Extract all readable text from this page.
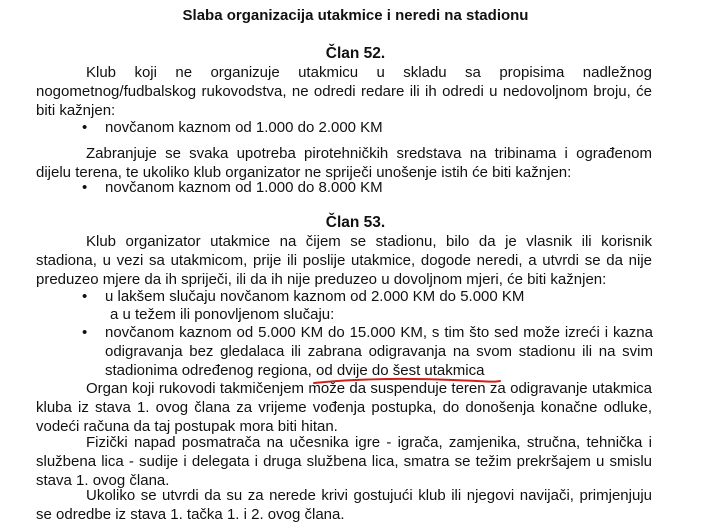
Slaba organizacija utakmice i neredi na stadionu
Član 52.

Klub koji ne organizuje utakmicu u skladu sa propisima nadležnog nogometnog/fudbalskog rukovodstva, ne odredi redare ili ih odredi u nedovoljnom broju, će biti kažnjen:

• novčanom kaznom od 1.000 do 2.000 KM

Zabranjuje se svaka upotreba pirotehničkih sredstava na tribinama i ograđenom dijelu terena, te ukoliko klub organizator ne spriječi unošenje istih će biti kažnjen:

• novčanom kaznom od 1.000 do 8.000 KM
Član 53.

Klub organizator utakmice na čijem se stadionu, bilo da je vlasnik ili korisnik stadiona, u vezi sa utakmicom, prije ili poslije utakmice, dogode neredi, a utvrdi se da nije preduzeo mjere da ih spriječi, ili da ih nije preduzeo u dovoljnom mjeri, će biti kažnjen:

• u lakšem slučaju novčanom kaznom od 2.000 KM do 5.000 KM
a u težem ili ponovljenom slučaju:
• novčanom kaznom od 5.000 KM do 15.000 KM, s tim što sed može izreći i kazna odigravanja bez gledalaca ili zabrana odigravanja na svom stadionu ili na svim stadionima određenog regiona, od dvije do šest utakmica

Organ koji rukovodi takmičenjem može da suspenduje teren za odigravanje utakmica kluba iz stava 1. ovog člana za vrijeme vođenja postupka, do donošenja konačne odluke, vodeći računa da taj postupak mora biti hitan.

Fizički napad posmatrača na učesnika igre - igrača, zamjenika, stručna, tehnička i službena lica - sudije i delegata i druga službena lica, smatra se težim prekršajem u smislu stava 1. ovog člana.

Ukoliko se utvrdi da su za nerede krivi gostujući klub ili njegovi navijači, primjenjuju se odredbe iz stava 1. tačka 1. i 2. ovog člana.
